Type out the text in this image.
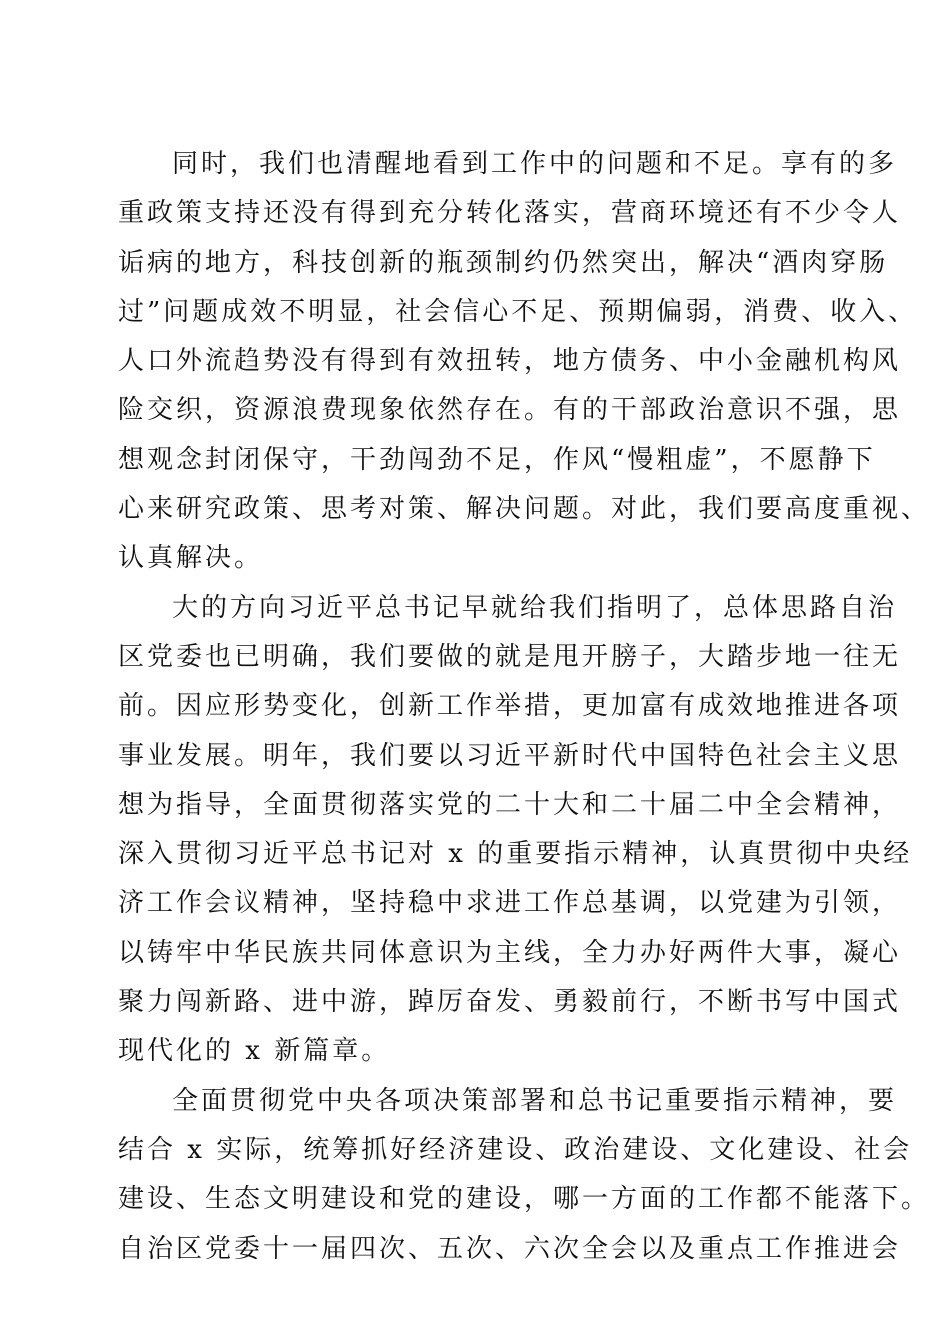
同时，我们也清醒地看到工作中的问题和不足。享有的多
重政策支持还没有得到充分转化落实，营商环境还有不少令人
诟病的地方，科技创新的瓶颈制约仍然突出，解决“酒肉穿肠
过”问题成效不明显，社会信心不足、预期偏弱，消费、收入、
人口外流趋势没有得到有效扭转，地方债务、中小金融机构风
险交织，资源浪费现象依然存在。有的干部政治意识不强，思
想观念封闭保守，干劲闯劲不足，作风“慢粗虚”，不愿静下
心来研究政策、思考对策、解决问题。对此，我们要高度重视、
认真解决。
大的方向习近平总书记早就给我们指明了，总体思路自治
区党委也已明确，我们要做的就是甩开膀子，大踏步地一往无
前。因应形势变化，创新工作举措，更加富有成效地推进各项
事业发展。明年，我们要以习近平新时代中国特色社会主义思
想为指导，全面贯彻落实党的二十大和二十届二中全会精神，
深入贯彻习近平总书记对 x 的重要指示精神，认真贯彻中央经
济工作会议精神，坚持稳中求进工作总基调，以党建为引领，
以铸牢中华民族共同体意识为主线，全力办好两件大事，凝心
聚力闯新路、进中游，踔厉奋发、勇毅前行，不断书写中国式
现代化的 x 新篇章。
全面贯彻党中央各项决策部署和总书记重要指示精神，要
结合 x 实际，统筹抓好经济建设、政治建设、文化建设、社会
建设、生态文明建设和党的建设，哪一方面的工作都不能落下。
自治区党委十一届四次、五次、六次全会以及重点工作推进会
